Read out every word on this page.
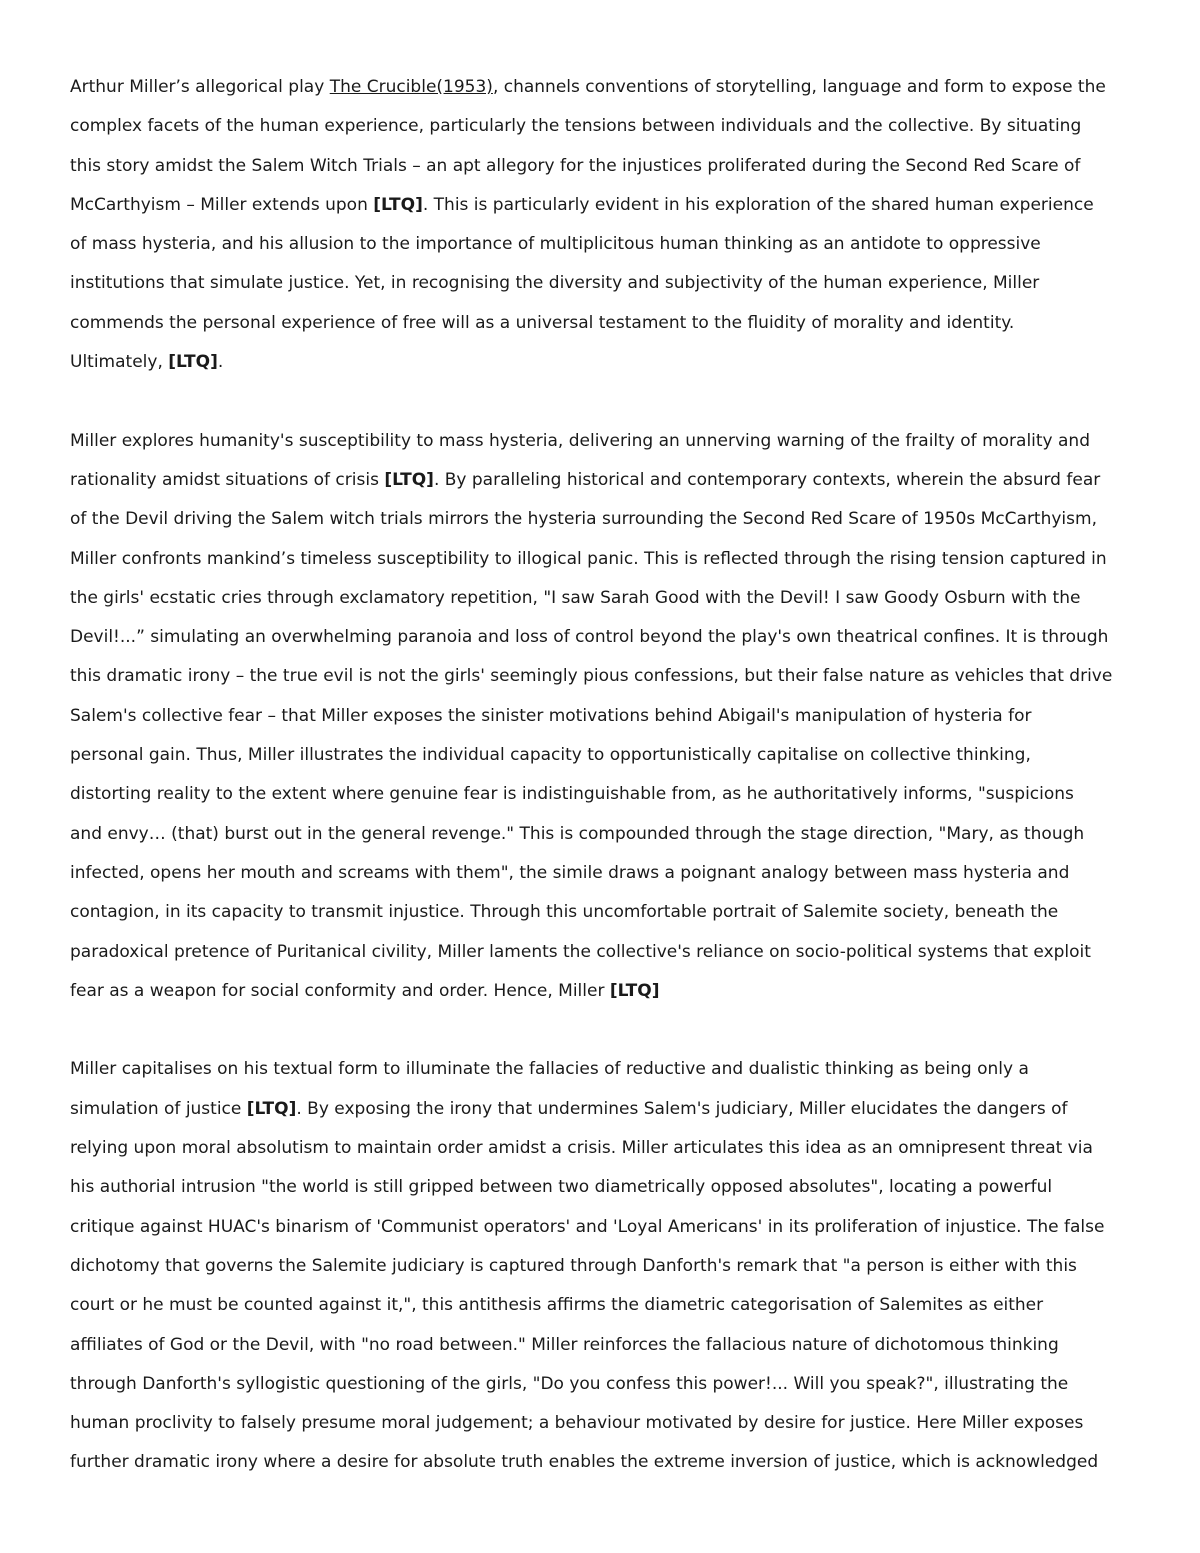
Arthur Miller’s allegorical play The Crucible(1953), channels conventions of storytelling, language and form to expose the
complex facets of the human experience, particularly the tensions between individuals and the collective. By situating
this story amidst the Salem Witch Trials – an apt allegory for the injustices proliferated during the Second Red Scare of
McCarthyism – Miller extends upon [LTQ]. This is particularly evident in his exploration of the shared human experience
of mass hysteria, and his allusion to the importance of multiplicitous human thinking as an antidote to oppressive
institutions that simulate justice. Yet, in recognising the diversity and subjectivity of the human experience, Miller
commends the personal experience of free will as a universal testament to the fluidity of morality and identity.
Ultimately, [LTQ].
Miller explores humanity's susceptibility to mass hysteria, delivering an unnerving warning of the frailty of morality and
rationality amidst situations of crisis [LTQ]. By paralleling historical and contemporary contexts, wherein the absurd fear
of the Devil driving the Salem witch trials mirrors the hysteria surrounding the Second Red Scare of 1950s McCarthyism,
Miller confronts mankind’s timeless susceptibility to illogical panic. This is reflected through the rising tension captured in
the girls' ecstatic cries through exclamatory repetition, "I saw Sarah Good with the Devil! I saw Goody Osburn with the
Devil!...” simulating an overwhelming paranoia and loss of control beyond the play's own theatrical confines. It is through
this dramatic irony – the true evil is not the girls' seemingly pious confessions, but their false nature as vehicles that drive
Salem's collective fear – that Miller exposes the sinister motivations behind Abigail's manipulation of hysteria for
personal gain. Thus, Miller illustrates the individual capacity to opportunistically capitalise on collective thinking,
distorting reality to the extent where genuine fear is indistinguishable from, as he authoritatively informs, "suspicions
and envy… (that) burst out in the general revenge." This is compounded through the stage direction, "Mary, as though
infected, opens her mouth and screams with them", the simile draws a poignant analogy between mass hysteria and
contagion, in its capacity to transmit injustice. Through this uncomfortable portrait of Salemite society, beneath the
paradoxical pretence of Puritanical civility, Miller laments the collective's reliance on socio-political systems that exploit
fear as a weapon for social conformity and order. Hence, Miller [LTQ]
Miller capitalises on his textual form to illuminate the fallacies of reductive and dualistic thinking as being only a
simulation of justice [LTQ]. By exposing the irony that undermines Salem's judiciary, Miller elucidates the dangers of
relying upon moral absolutism to maintain order amidst a crisis. Miller articulates this idea as an omnipresent threat via
his authorial intrusion "the world is still gripped between two diametrically opposed absolutes", locating a powerful
critique against HUAC's binarism of 'Communist operators' and 'Loyal Americans' in its proliferation of injustice. The false
dichotomy that governs the Salemite judiciary is captured through Danforth's remark that "a person is either with this
court or he must be counted against it,", this antithesis affirms the diametric categorisation of Salemites as either
affiliates of God or the Devil, with "no road between." Miller reinforces the fallacious nature of dichotomous thinking
through Danforth's syllogistic questioning of the girls, "Do you confess this power!... Will you speak?", illustrating the
human proclivity to falsely presume moral judgement; a behaviour motivated by desire for justice. Here Miller exposes
further dramatic irony where a desire for absolute truth enables the extreme inversion of justice, which is acknowledged
